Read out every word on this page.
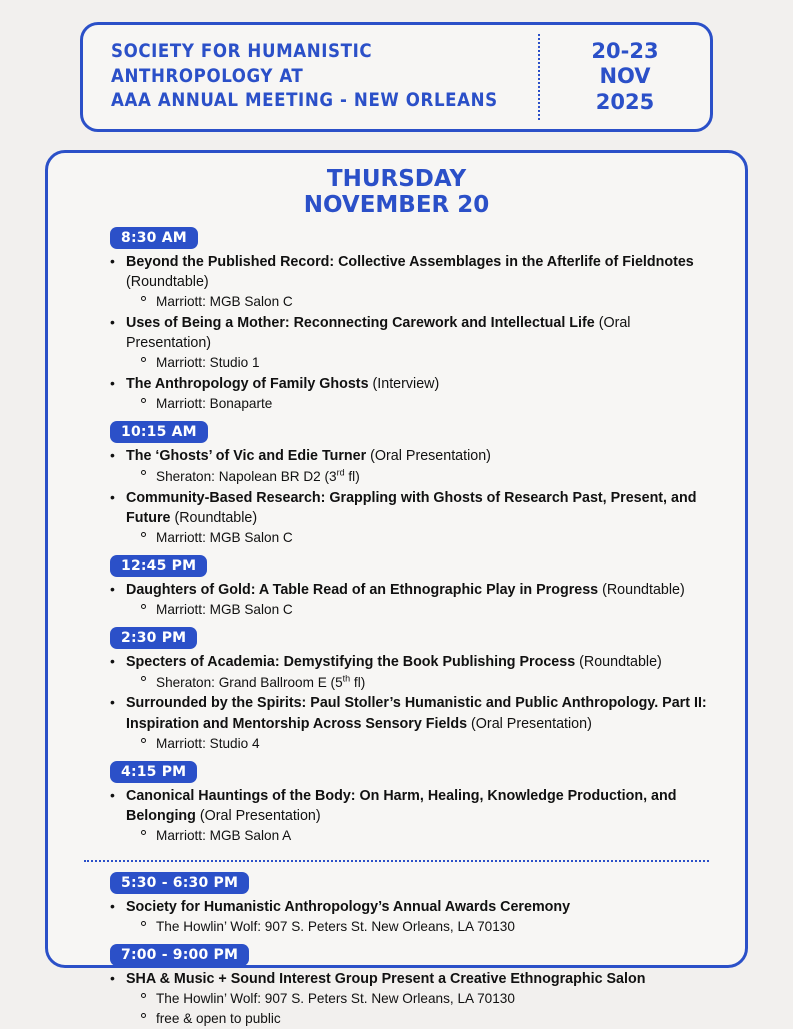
SOCIETY FOR HUMANISTIC
ANTHROPOLOGY AT
AAA ANNUAL MEETING - NEW ORLEANS
20-23
NOV
2025
THURSDAY
NOVEMBER 20
8:30 AM
• Beyond the Published Record: Collective Assemblages in the Afterlife of Fieldnotes (Roundtable)
Marriott: MGB Salon C
• Uses of Being a Mother: Reconnecting Carework and Intellectual Life (Oral Presentation)
Marriott: Studio 1
• The Anthropology of Family Ghosts (Interview)
Marriott: Bonaparte
10:15 AM
• The ‘Ghosts’ of Vic and Edie Turner (Oral Presentation)
Sheraton: Napolean BR D2 (3rd fl)
• Community-Based Research: Grappling with Ghosts of Research Past, Present, and Future (Roundtable)
Marriott: MGB Salon C
12:45 PM
• Daughters of Gold: A Table Read of an Ethnographic Play in Progress (Roundtable)
Marriott: MGB Salon C
2:30 PM
• Specters of Academia: Demystifying the Book Publishing Process (Roundtable)
Sheraton: Grand Ballroom E (5th fl)
• Surrounded by the Spirits: Paul Stoller’s Humanistic and Public Anthropology. Part II: Inspiration and Mentorship Across Sensory Fields (Oral Presentation)
Marriott: Studio 4
4:15 PM
• Canonical Hauntings of the Body: On Harm, Healing, Knowledge Production, and Belonging (Oral Presentation)
Marriott: MGB Salon A
5:30 - 6:30 PM
• Society for Humanistic Anthropology’s Annual Awards Ceremony
The Howlin’ Wolf: 907 S. Peters St. New Orleans, LA 70130
7:00 - 9:00 PM
• SHA & Music + Sound Interest Group Present a Creative Ethnographic Salon
The Howlin’ Wolf: 907 S. Peters St. New Orleans, LA 70130
free & open to public
